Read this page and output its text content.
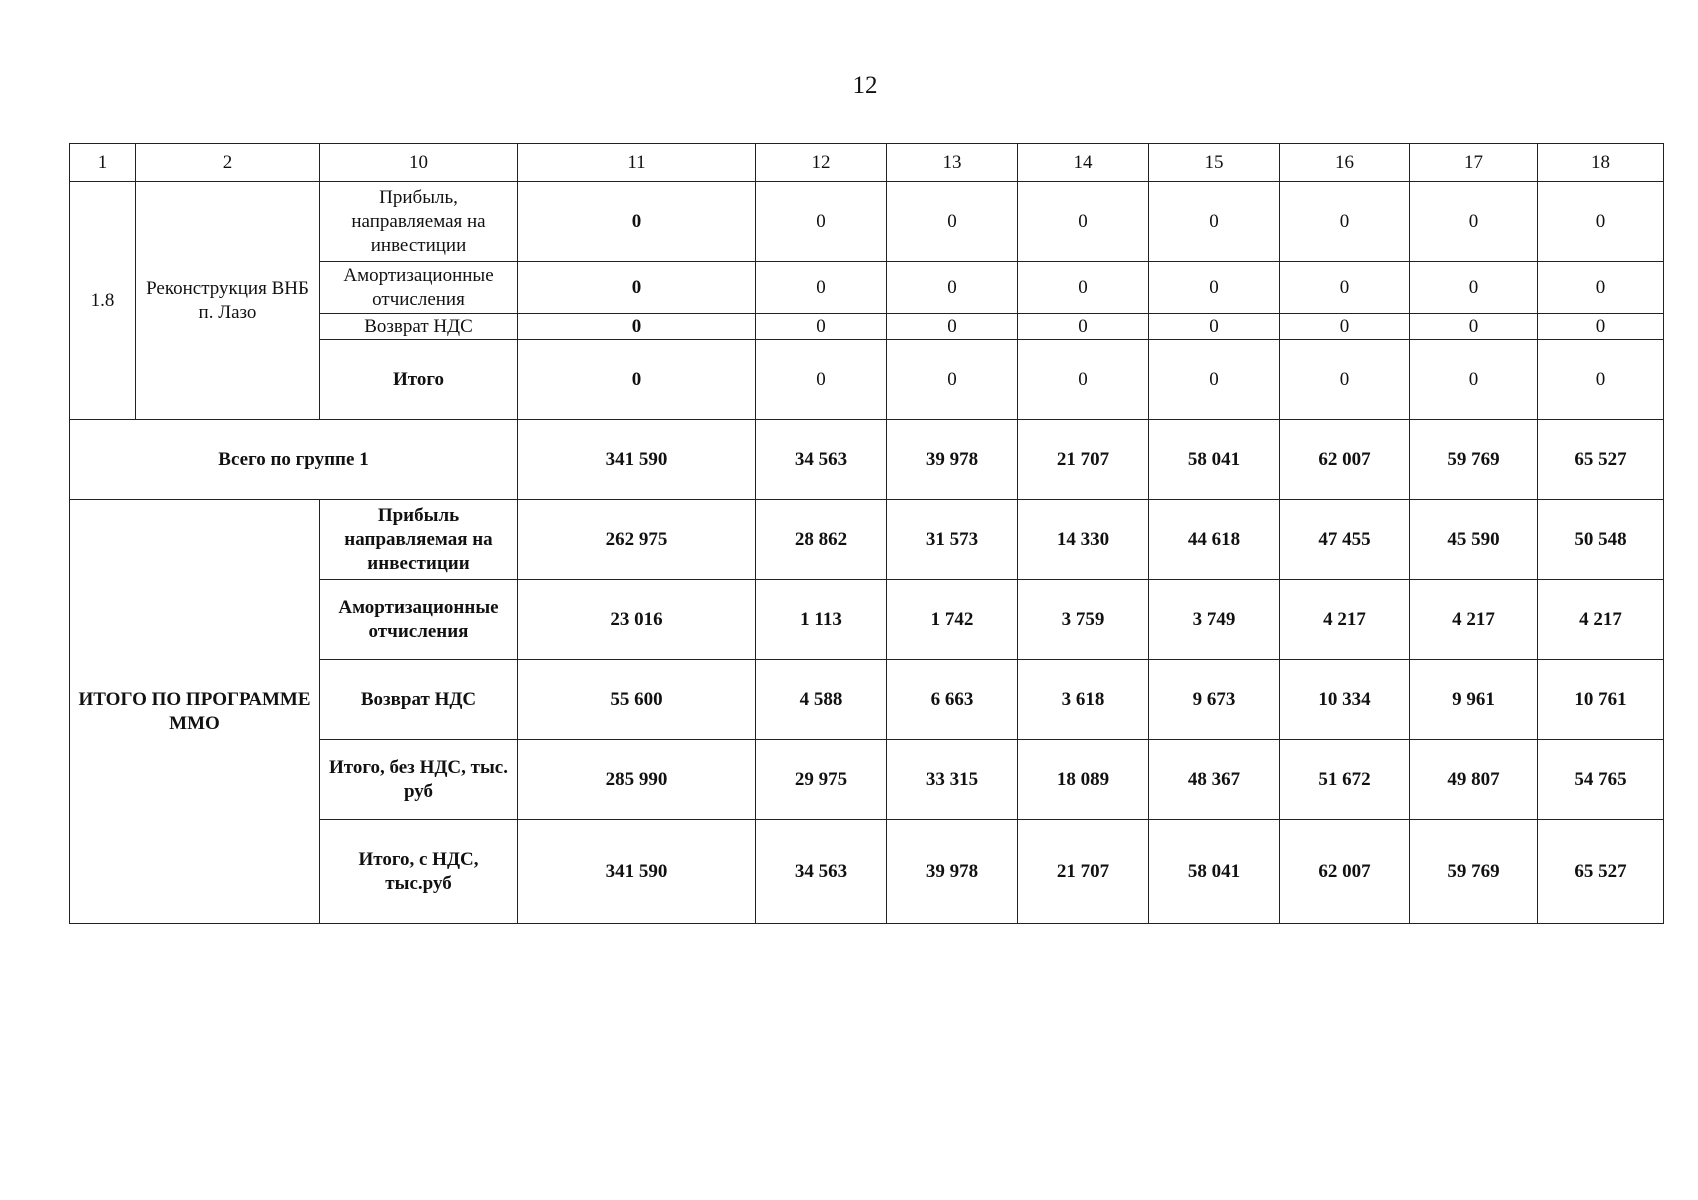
12
1	2	10	11	12	13	14	15	16	17	18
1.8	Реконструкция ВНБ п. Лазо	Прибыль, направляемая на инвестиции	0	0	0	0	0	0	0	0
		Амортизационные отчисления	0	0	0	0	0	0	0	0
		Возврат НДС	0	0	0	0	0	0	0	0
		Итого	0	0	0	0	0	0	0	0
Всего по группе 1			341 590	34 563	39 978	21 707	58 041	62 007	59 769	65 527
ИТОГО ПО ПРОГРАММЕ ММО		Прибыль направляемая на инвестиции	262 975	28 862	31 573	14 330	44 618	47 455	45 590	50 548
		Амортизационные отчисления	23 016	1 113	1 742	3 759	3 749	4 217	4 217	4 217
		Возврат НДС	55 600	4 588	6 663	3 618	9 673	10 334	9 961	10 761
		Итого, без НДС, тыс. руб	285 990	29 975	33 315	18 089	48 367	51 672	49 807	54 765
		Итого, с НДС, тыс.руб	341 590	34 563	39 978	21 707	58 041	62 007	59 769	65 527
